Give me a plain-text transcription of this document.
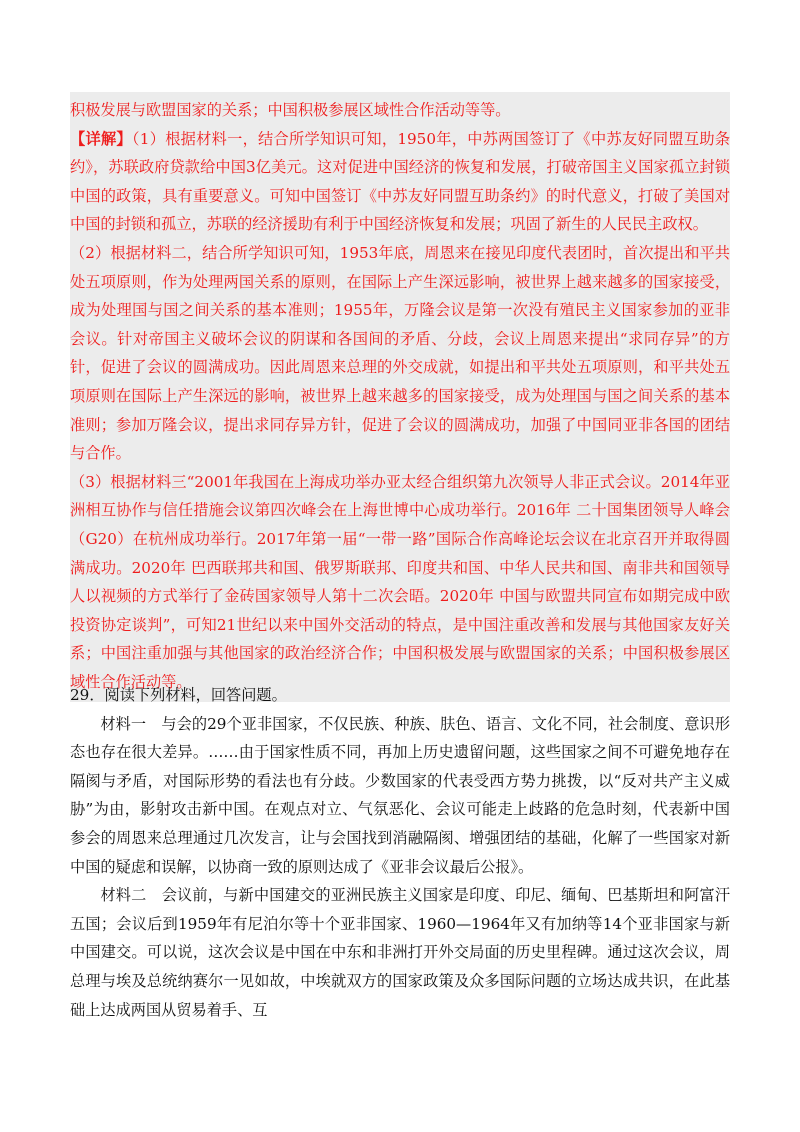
积极发展与欧盟国家的关系；中国积极参展区域性合作活动等等。

【详解】（1）根据材料一，结合所学知识可知，1950年，中苏两国签订了《中苏友好同盟互助条约》，苏联政府贷款给中国3亿美元。这对促进中国经济的恢复和发展，打破帝国主义国家孤立封锁中国的政策，具有重要意义。可知中国签订《中苏友好同盟互助条约》的时代意义，打破了美国对中国的封锁和孤立，苏联的经济援助有利于中国经济恢复和发展；巩固了新生的人民民主政权。

（2）根据材料二，结合所学知识可知，1953年底，周恩来在接见印度代表团时，首次提出和平共处五项原则，作为处理两国关系的原则，在国际上产生深远影响，被世界上越来越多的国家接受，成为处理国与国之间关系的基本准则；1955年，万隆会议是第一次没有殖民主义国家参加的亚非会议。针对帝国主义破坏会议的阴谋和各国间的矛盾、分歧，会议上周恩来提出“求同存异”的方针，促进了会议的圆满成功。因此周恩来总理的外交成就，如提出和平共处五项原则，和平共处五项原则在国际上产生深远的影响，被世界上越来越多的国家接受，成为处理国与国之间关系的基本准则；参加万隆会议，提出求同存异方针，促进了会议的圆满成功，加强了中国同亚非各国的团结与合作。

（3）根据材料三“2001年我国在上海成功举办亚太经合组织第九次领导人非正式会议。2014年亚洲相互协作与信任措施会议第四次峰会在上海世博中心成功举行。2016年 二十国集团领导人峰会（G20）在杭州成功举行。2017年第一届“一带一路”国际合作高峰论坛会议在北京召开并取得圆满成功。2020年 巴西联邦共和国、俄罗斯联邦、印度共和国、中华人民共和国、南非共和国领导人以视频的方式举行了金砖国家领导人第十二次会晤。2020年 中国与欧盟共同宣布如期完成中欧投资协定谈判”，可知21世纪以来中国外交活动的特点，是中国注重改善和发展与其他国家友好关系；中国注重加强与其他国家的政治经济合作；中国积极发展与欧盟国家的关系；中国积极参展区域性合作活动等。

29．阅读下列材料，回答问题。

材料一 与会的29个亚非国家，不仅民族、种族、肤色、语言、文化不同，社会制度、意识形态也存在很大差异。……由于国家性质不同，再加上历史遗留问题，这些国家之间不可避免地存在隔阂与矛盾，对国际形势的看法也有分歧。少数国家的代表受西方势力挑拨，以“反对共产主义威胁”为由，影射攻击新中国。在观点对立、气氛恶化、会议可能走上歧路的危急时刻，代表新中国参会的周恩来总理通过几次发言，让与会国找到消融隔阂、增强团结的基础，化解了一些国家对新中国的疑虑和误解，以协商一致的原则达成了《亚非会议最后公报》。

材料二 会议前，与新中国建交的亚洲民族主义国家是印度、印尼、缅甸、巴基斯坦和阿富汗五国；会议后到1959年有尼泊尔等十个亚非国家、1960—1964年又有加纳等14个亚非国家与新中国建交。可以说，这次会议是中国在中东和非洲打开外交局面的历史里程碑。通过这次会议，周总理与埃及总统纳赛尔一见如故，中埃就双方的国家政策及众多国际问题的立场达成共识，在此基础上达成两国从贸易着手、互
